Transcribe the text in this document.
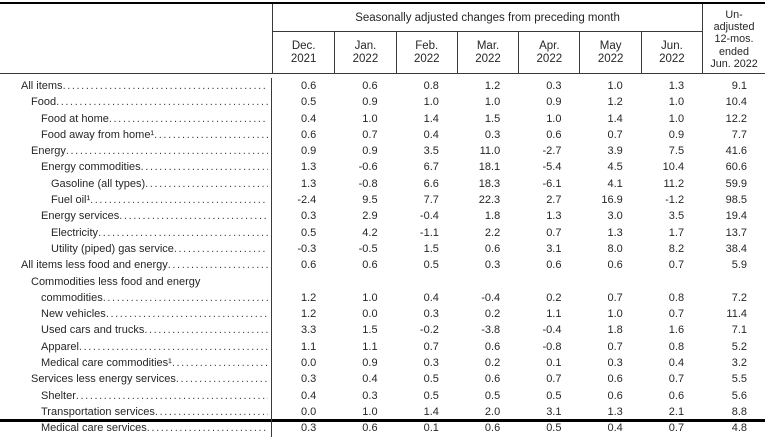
Seasonally adjusted changes from preceding month
Dec.
2021
Jan.
2022
Feb.
2022
Mar.
2022
Apr.
2022
May
2022
Jun.
2022
Un-
adjusted
12-mos.
ended
Jun. 2022
All items .....	0.6	0.6	0.8	1.2	0.3	1.0	1.3	9.1
Food .....	0.5	0.9	1.0	1.0	0.9	1.2	1.0	10.4
Food at home .....	0.4	1.0	1.4	1.5	1.0	1.4	1.0	12.2
Food away from home¹ .....	0.6	0.7	0.4	0.3	0.6	0.7	0.9	7.7
Energy .....	0.9	0.9	3.5	11.0	-2.7	3.9	7.5	41.6
Energy commodities .....	1.3	-0.6	6.7	18.1	-5.4	4.5	10.4	60.6
Gasoline (all types) .....	1.3	-0.8	6.6	18.3	-6.1	4.1	11.2	59.9
Fuel oil¹ .....	-2.4	9.5	7.7	22.3	2.7	16.9	-1.2	98.5
Energy services .....	0.3	2.9	-0.4	1.8	1.3	3.0	3.5	19.4
Electricity .....	0.5	4.2	-1.1	2.2	0.7	1.3	1.7	13.7
Utility (piped) gas service .....	-0.3	-0.5	1.5	0.6	3.1	8.0	8.2	38.4
All items less food and energy .....	0.6	0.6	0.5	0.3	0.6	0.6	0.7	5.9
Commodities less food and energy
commodities .....	1.2	1.0	0.4	-0.4	0.2	0.7	0.8	7.2
New vehicles .....	1.2	0.0	0.3	0.2	1.1	1.0	0.7	11.4
Used cars and trucks .....	3.3	1.5	-0.2	-3.8	-0.4	1.8	1.6	7.1
Apparel .....	1.1	1.1	0.7	0.6	-0.8	0.7	0.8	5.2
Medical care commodities¹ .....	0.0	0.9	0.3	0.2	0.1	0.3	0.4	3.2
Services less energy services .....	0.3	0.4	0.5	0.6	0.7	0.6	0.7	5.5
Shelter .....	0.4	0.3	0.5	0.5	0.5	0.6	0.6	5.6
Transportation services .....	0.0	1.0	1.4	2.0	3.1	1.3	2.1	8.8
Medical care services .....	0.3	0.6	0.1	0.6	0.5	0.4	0.7	4.8
